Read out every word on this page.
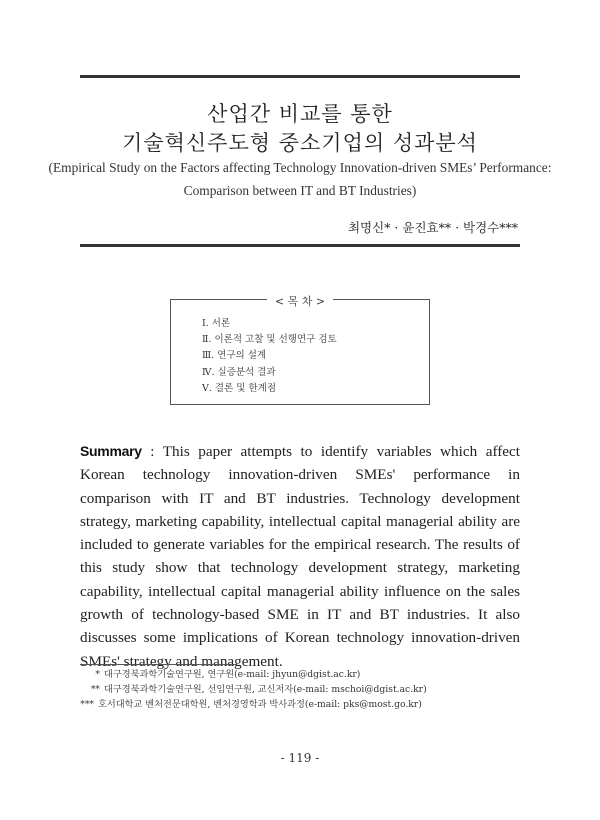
산업간 비교를 통한
기술혁신주도형 중소기업의 성과분석
(Empirical Study on the Factors affecting Technology Innovation-driven SMEs’ Performance:
Comparison between IT and BT Industries)
최명신* · 윤진효** · 박경수***
< 목 차 >
Ⅰ. 서론
Ⅱ. 이론적 고찰 및 선행연구 검토
Ⅲ. 연구의 설계
Ⅳ. 실증분석 결과
Ⅴ. 결론 및 한계점
Summary : This paper attempts to identify variables which affect Korean technology innovation-driven SMEs' performance in comparison with IT and BT industries. Technology development strategy, marketing capability, intellectual capital managerial ability are included to generate variables for the empirical research. The results of this study show that technology development strategy, marketing capability, intellectual capital managerial ability influence on the sales growth of technology-based SME in IT and BT industries. It also discusses some implications of Korean technology innovation-driven SMEs' strategy and management.
* 대구경북과학기술연구원, 연구원(e-mail: jhyun@dgist.ac.kr)
** 대구경북과학기술연구원, 선임연구원, 교신저자(e-mail: mschoi@dgist.ac.kr)
*** 호서대학교 벤처전문대학원, 벤처경영학과 박사과정(e-mail: pks@most.go.kr)
- 119 -
